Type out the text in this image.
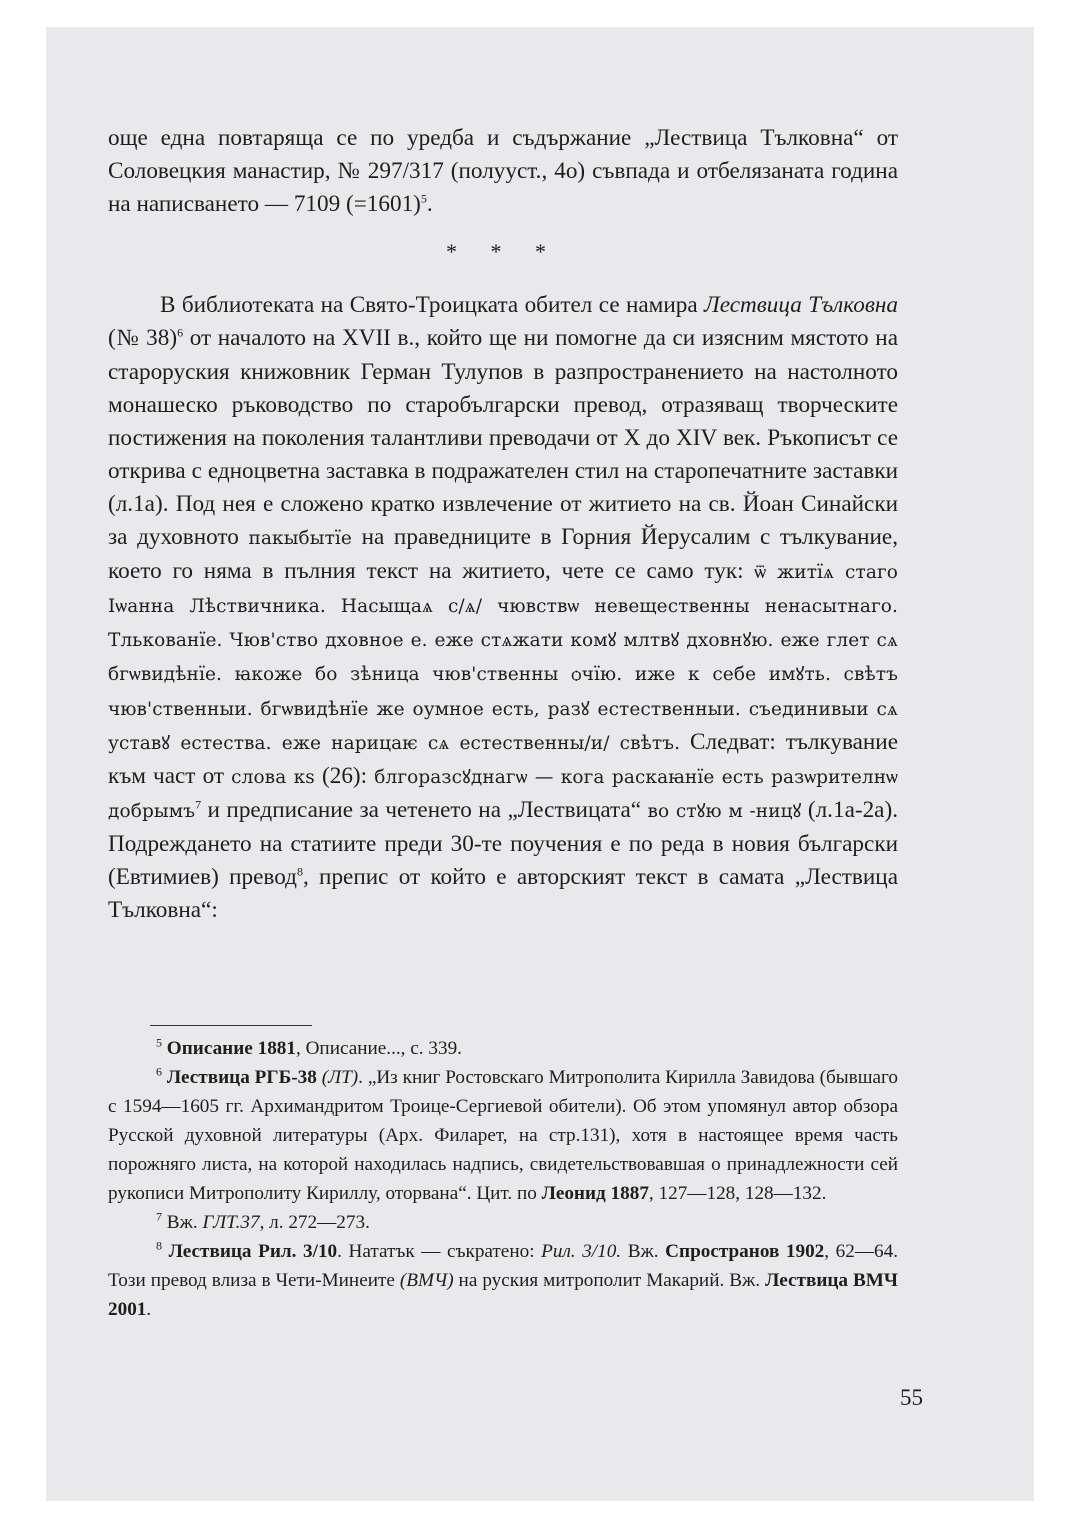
още една повтаряща се по уредба и съдържание „Лествица Тълковна“ от Соловецкия манастир, № 297/317 (полууст., 4о) съвпада и отбелязаната година на написването — 7109 (=1601)$^5$.

* * *

В библиотеката на Свято-Троицката обител се намира Лествица Тълковна (№ 38)$^6$ от началото на XVII в., който ще ни помогне да си изясним мястото на староруския книжовник Герман Тулупов в разпространението на настолното монашеско ръководство по старобългарски превод, отразяващ творческите постижения на поколения талантливи преводачи от X до XIV век. Ръкописът се открива с едноцветна заставка в подражателен стил на старопечатните заставки (л.1а). Под нея е сложено кратко извлечение от житието на св. Йоан Синайски за духовното пакыбытїе на праведниците в Горния Йерусалим с тълкувание, което го няма в пълния текст на житието, чете се само тук: ѿ житїѧ стаго Іѡанна Лѣствичника. Насыщаѧ с/ѧ/ чювствѡ невещественны ненасытнаго. Тлькованїе. Чюв'ство дховное е. еже стѧжати комꙋ млтвꙋ дховнꙋю. еже глет сѧ бгѡвидѣнїе. ꙗкоже бо зѣница чюв'ственны ѻчїю. иже к себе имꙋть. свѣтъ чюв'ственныи. бгѡвидѣнїе же оумное есть, разꙋ естественныи. съединивыи сѧ уставꙋ естества. еже нарицаѥ сѧ естественны/и/ свѣтъ. Следват: тълкувание към част от слова кѕ (26): блгоразсꙋднагѡ — кога раскаꙗнїе есть разѡрителнѡ добрымъ$^7$ и предписание за четенето на „Лествицата“ во стꙋю м -ницꙋ (л.1а-2а). Подреждането на статиите преди 30-те поучения е по реда в новия български (Евтимиев) превод$^8$, препис от който е авторският текст в самата „Лествица Тълковна“:

$^5$ Описание 1881, Описание..., с. 339.

$^6$ Лествица РГБ-38 (ЛТ). „Из книг Ростовскаго Митрополита Кирилла Завидова (бывшаго с 1594—1605 гг. Архимандритом Троице-Сергиевой обители). Об этом упомянул автор обзора Русской духовной литературы (Арх. Филарет, на стр.131), хотя в настоящее время часть порожняго листа, на которой находилась надпись, свидетельствовавшая о принадлежности сей рукописи Митрополиту Кириллу, оторвана“. Цит. по Леонид 1887, 127—128, 128—132.

$^7$ Вж. ГЛТ.37, л. 272—273.

$^8$ Лествица Рил. 3/10. Нататък — съкратено: Рил. 3/10. Вж. Спространов 1902, 62—64. Този превод влиза в Чети-Минеите (ВМЧ) на руския митрополит Макарий. Вж. Лествица ВМЧ 2001.

55
